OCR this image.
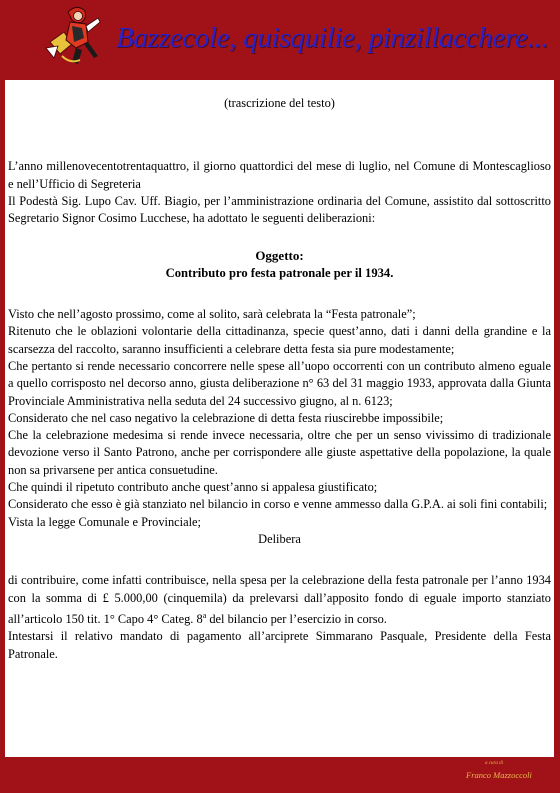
Bazzecole, quisquilie, pinzillacchere...

(trascrizione del testo)

L’anno millenovecentotrentaquattro, il giorno quattordici del mese di luglio, nel Comune di Montescaglioso e nell’Ufficio di Segreteria

Il Podestà Sig. Lupo Cav. Uff. Biagio, per l’amministrazione ordinaria del Comune, assistito dal sottoscritto Segretario Signor Cosimo Lucchese, ha adottato le seguenti deliberazioni:

Oggetto:

Contributo pro festa patronale per il 1934.

Visto che nell’agosto prossimo, come al solito, sarà celebrata la “Festa patronale”;

Ritenuto che le oblazioni volontarie della cittadinanza, specie quest’anno, dati i danni della grandine e la scarsezza del raccolto, saranno insufficienti a celebrare detta festa sia pure modestamente;

Che pertanto si rende necessario concorrere nelle spese all’uopo occorrenti con un contributo almeno eguale a quello corrisposto nel decorso anno, giusta deliberazione n° 63 del 31 maggio 1933, approvata dalla Giunta Provinciale Amministrativa nella seduta del 24 successivo giugno, al n. 6123;

Considerato che nel caso negativo la celebrazione di detta festa riuscirebbe impossibile;

Che la celebrazione medesima si rende invece necessaria, oltre che per un senso vivissimo di tradizionale devozione verso il Santo Patrono, anche per corrispondere alle giuste aspettative della popolazione, la quale non sa privarsene per antica consuetudine.

Che quindi il ripetuto contributo anche quest’anno si appalesa giustificato;

Considerato che esso è già stanziato nel bilancio in corso e venne ammesso dalla G.P.A. ai soli fini contabili;

Vista la legge Comunale e Provinciale;

Delibera

di contribuire, come infatti contribuisce, nella spesa per la celebrazione della festa patronale per l’anno 1934 con la somma di £ 5.000,00 (cinquemila) da prelevarsi dall’apposito fondo di eguale importo stanziato all’articolo 150 tit. 1° Capo 4° Categ. 8$^a$ del bilancio per l’esercizio in corso.

Intestarsi il relativo mandato di pagamento all’arciprete Simmarano Pasquale, Presidente della Festa Patronale.

a cura di
Franco Mazzoccoli
